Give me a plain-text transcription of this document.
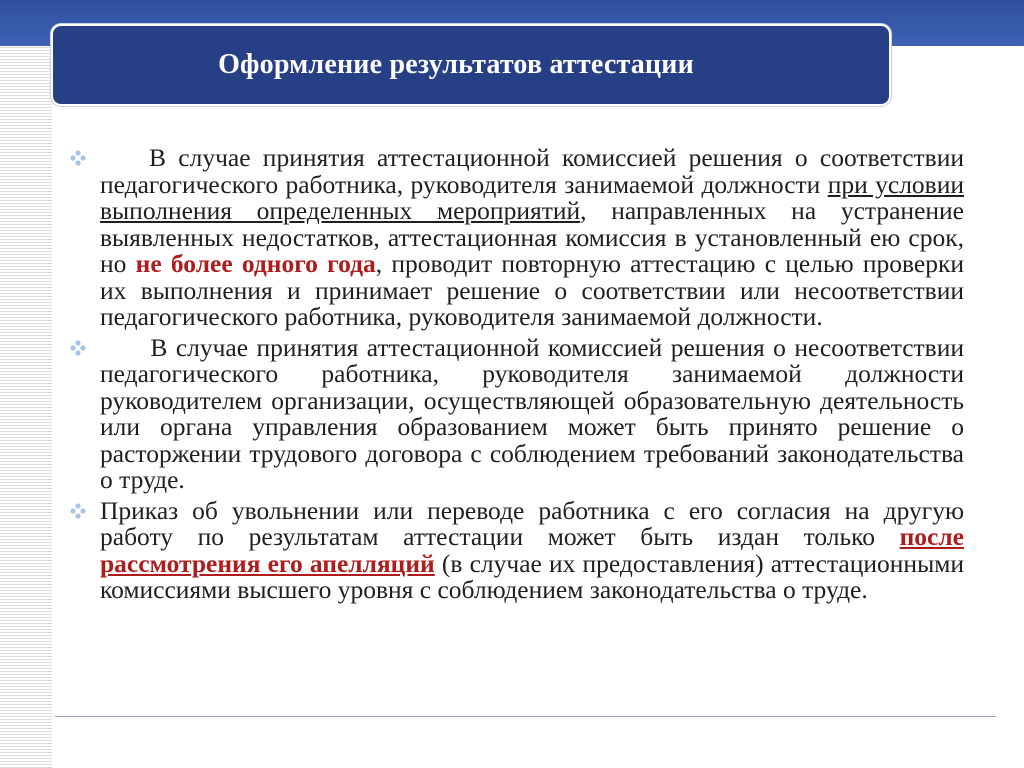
Оформление результатов аттестации

В случае принятия аттестационной комиссией решения о соответствии педагогического работника, руководителя занимаемой должности при условии выполнения определенных мероприятий, направленных на устранение выявленных недостатков, аттестационная комиссия в установленный ею срок, но не более одного года, проводит повторную аттестацию с целью проверки их выполнения и принимает решение о соответствии или несоответствии педагогического работника, руководителя занимаемой должности.

В случае принятия аттестационной комиссией решения о несоответствии педагогического работника, руководителя занимаемой должности руководителем организации, осуществляющей образовательную деятельность или органа управления образованием может быть принято решение о расторжении трудового договора с соблюдением требований законодательства о труде.

Приказ об увольнении или переводе работника с его согласия на другую работу по результатам аттестации может быть издан только после рассмотрения его апелляций (в случае их предоставления) аттестационными комиссиями высшего уровня с соблюдением законодательства о труде.
